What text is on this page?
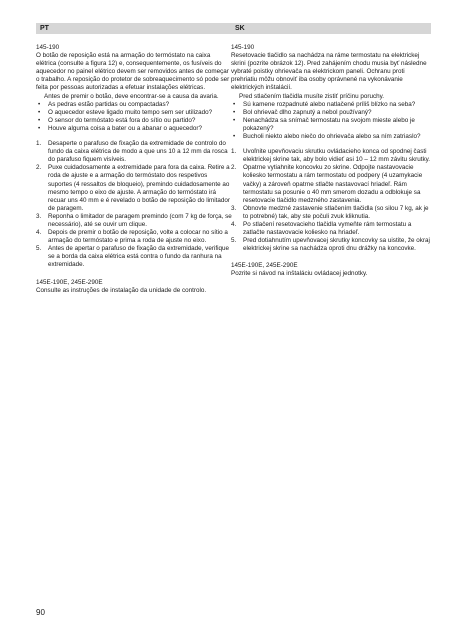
PT

145-190

O botão de reposição está na armação do termóstato na caixa elétrica (consulte a figura 12) e, consequentemente, os fusíveis do aquecedor no painel elétrico devem ser removidos antes de começar o trabalho. A reposição do protetor de sobreaquecimento só pode ser feita por pessoas autorizadas a efetuar instalações elétricas.

Antes de premir o botão, deve encontrar-se a causa da avaria.

• As pedras estão partidas ou compactadas?
• O aquecedor esteve ligado muito tempo sem ser utilizado?
• O sensor do termóstato está fora do sítio ou partido?
• Houve alguma coisa a bater ou a abanar o aquecedor?
1. Desaperte o parafuso de fixação da extremidade de controlo do fundo da caixa elétrica de modo a que uns 10 a 12 mm da rosca do parafuso fiquem visíveis.
2. Puxe cuidadosamente a extremidade para fora da caixa. Retire a roda de ajuste e a armação do termóstato dos respetivos suportes (4 ressaltos de bloqueio), premindo cuidadosamente ao mesmo tempo o eixo de ajuste. A armação do termóstato irá recuar uns 40 mm e é revelado o botão de reposição do limitador de paragem.
3. Reponha o limitador de paragem premindo (com 7 kg de força, se necessário), até se ouvir um clique.
4. Depois de premir o botão de reposição, volte a colocar no sítio a armação do termóstato e prima a roda de ajuste no eixo.
5. Antes de apertar o parafuso de fixação da extremidade, verifique se a borda da caixa elétrica está contra o fundo da ranhura na extremidade.

145E-190E, 245E-290E

Consulte as instruções de instalação da unidade de controlo.

SK

145-190

Resetovacie tlačidlo sa nachádza na ráme termostatu na elektrickej skrini (pozrite obrázok 12). Pred zahájením chodu musia byť následne vybraté poistky ohrievača na elektrickom paneli. Ochranu proti prehriatiu môžu obnoviť iba osoby oprávnené na vykonávanie elektrických inštalácií.

Pred stlačením tlačidla musíte zistiť príčinu poruchy.

• Sú kamene rozpadnuté alebo natlačené príliš blízko na seba?
• Bol ohrievač dlho zapnutý a nebol používaný?
• Nenachádza sa snímač termostatu na svojom mieste alebo je pokazený?
• Bucholi niekto alebo niečo do ohrievača alebo sa ním zatriaslo?
1. Uvoľnite upevňovaciu skrutku ovládacieho konca od spodnej časti elektrickej skrine tak, aby bolo vidieť asi 10 – 12 mm závitu skrutky.
2. Opatrne vytiahnite koncovku zo skrine. Odpojte nastavovacie koliesko termostatu a rám termostatu od podpery (4 uzamykacie vačky) a zároveň opatrne stlačte nastavovací hriadeľ. Rám termostatu sa posunie o 40 mm smerom dozadu a odblokuje sa resetovacie tlačidlo medzného zastavenia.
3. Obnovte medzné zastavenie stlačením tlačidla (so silou 7 kg, ak je to potrebné) tak, aby ste počuli zvuk kliknutia.
4. Po stlačení resetovacieho tlačidla vymeňte rám termostatu a zatlačte nastavovacie koliesko na hriadeľ.
5. Pred dotiahnutím upevňovacej skrutky koncovky sa uistite, že okraj elektrickej skrine sa nachádza oproti dnu drážky na koncovke.

145E-190E, 245E-290E

Pozrite si návod na inštaláciu ovládacej jednotky.

90
